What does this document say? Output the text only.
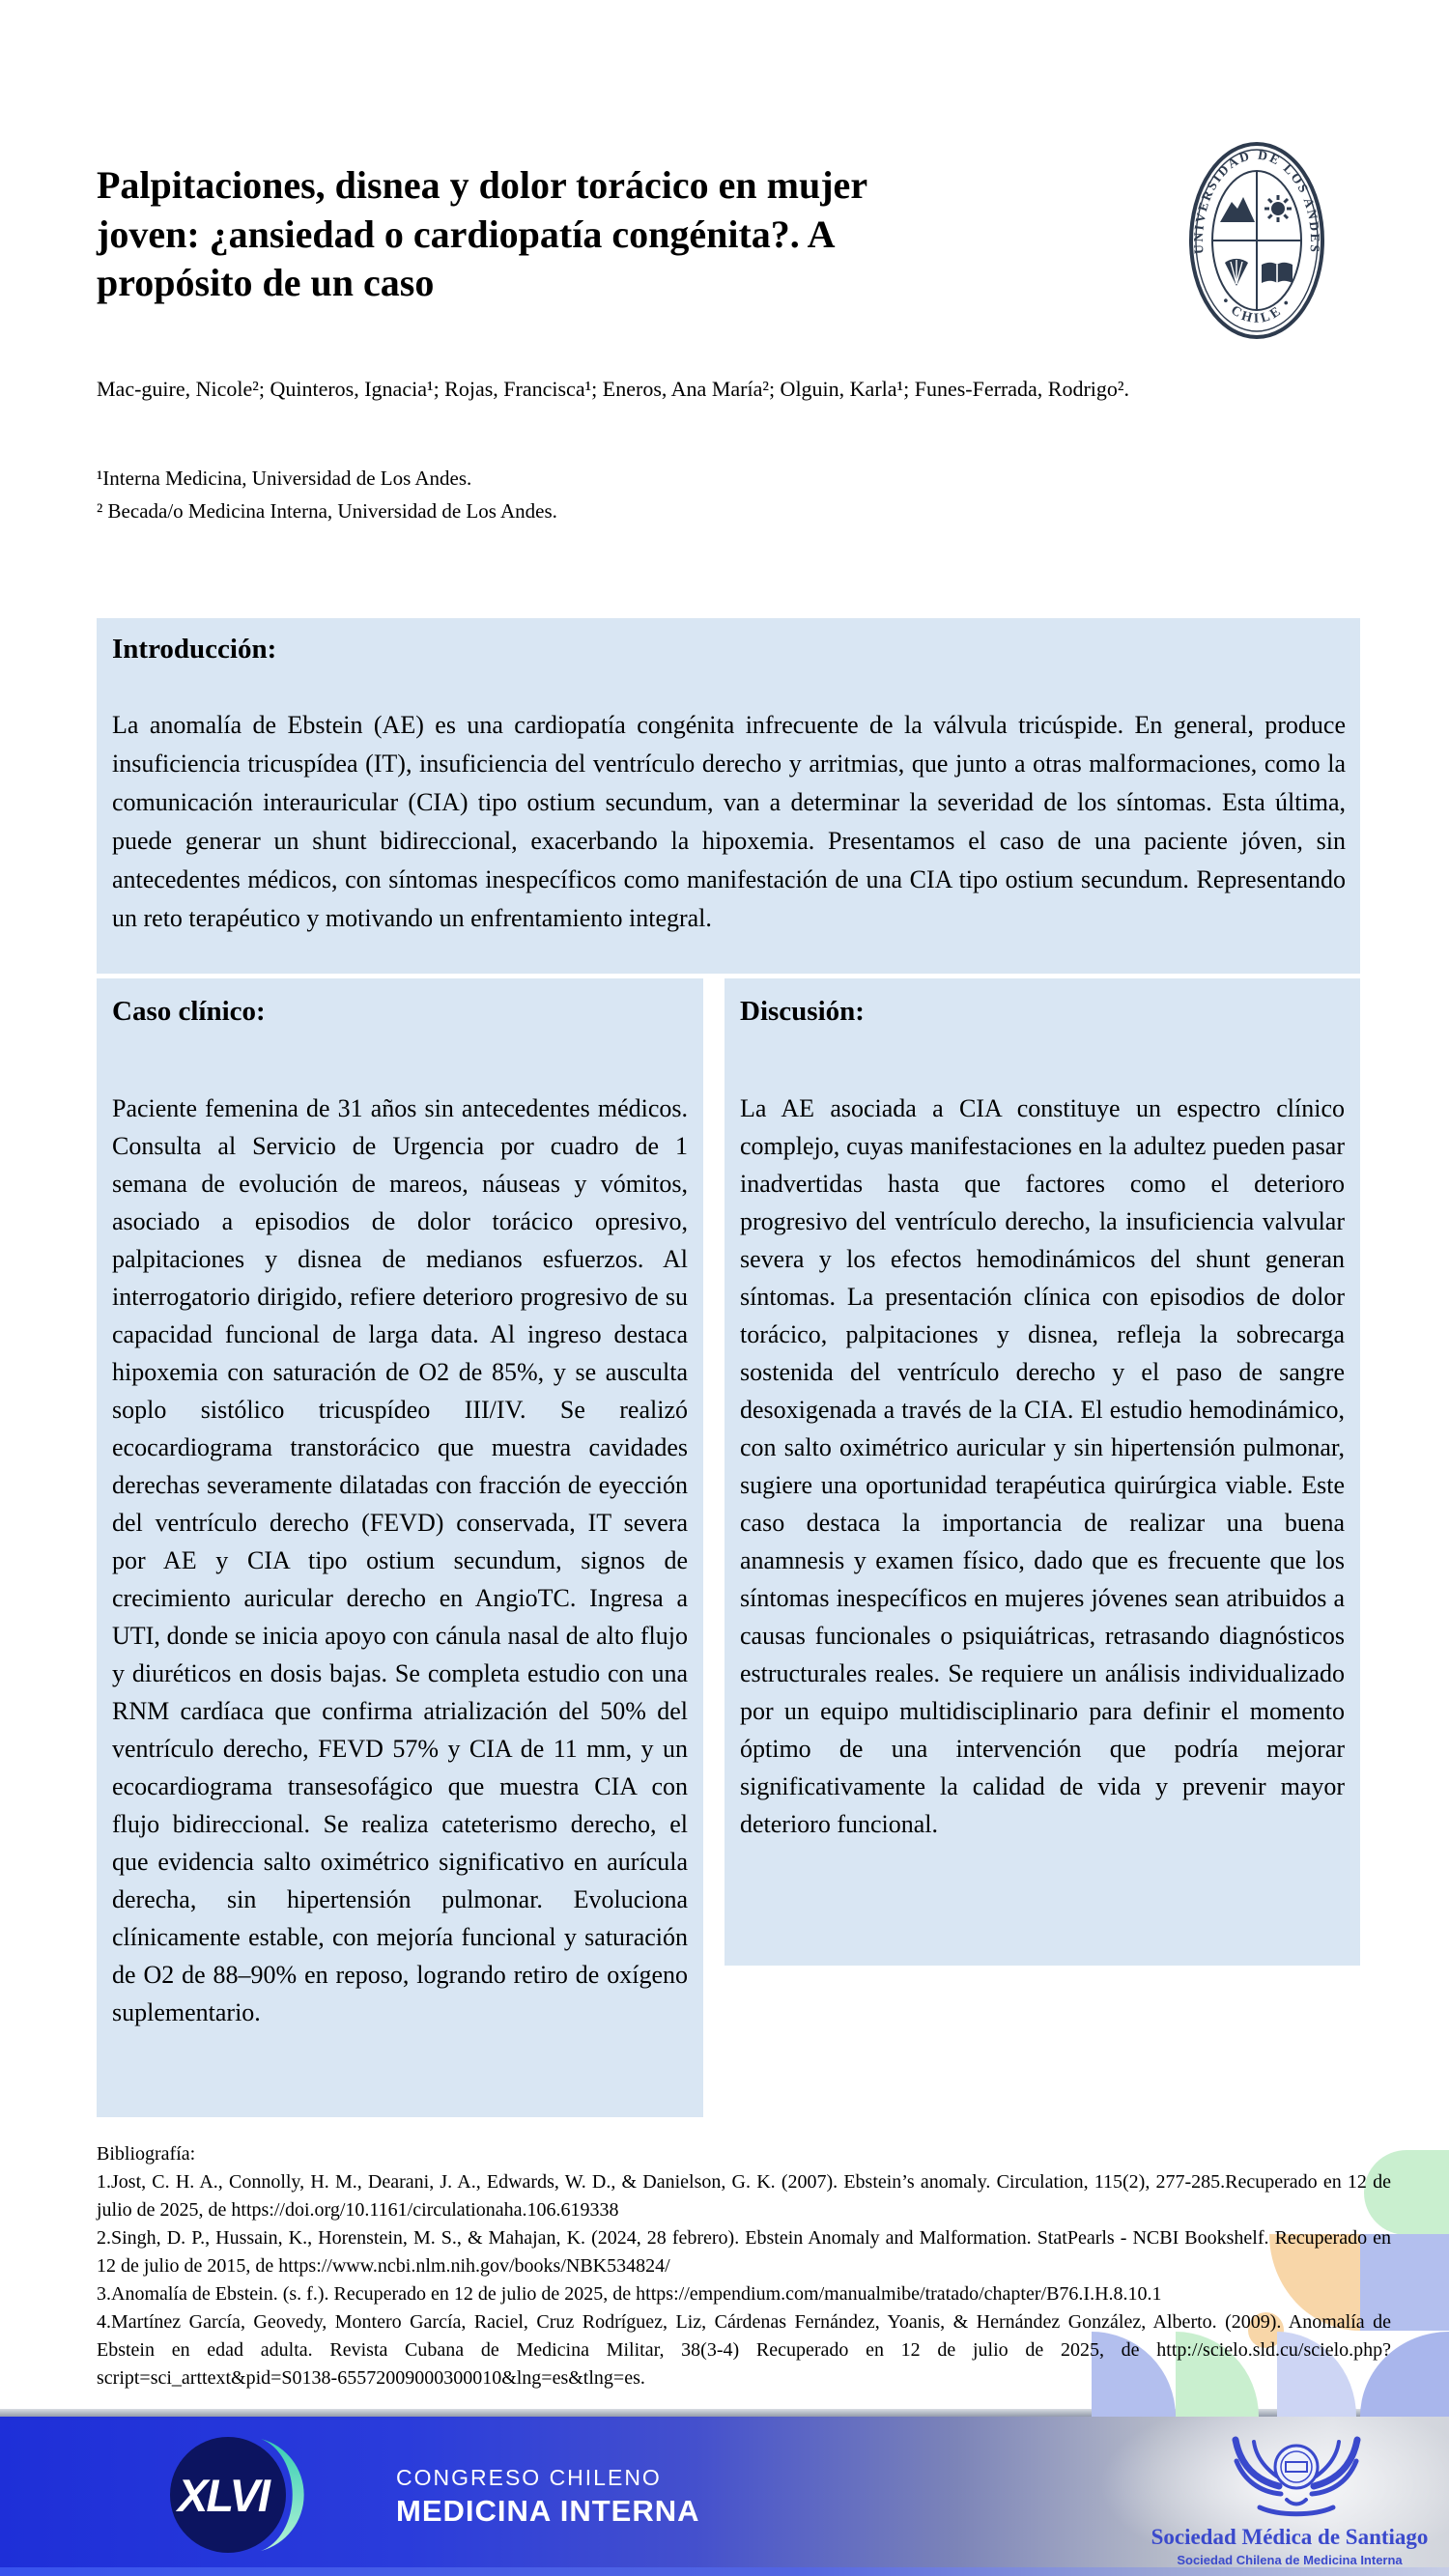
Palpitaciones, disnea y dolor torácico en mujer joven: ¿ansiedad o cardiopatía congénita?. A propósito de un caso
UNIVERSIDAD DE LOS ANDES
• CHILE •
Mac-guire, Nicole²; Quinteros, Ignacia¹; Rojas, Francisca¹; Eneros, Ana María²; Olguin, Karla¹; Funes-Ferrada, Rodrigo².
¹Interna Medicina, Universidad de Los Andes.
² Becada/o Medicina Interna, Universidad de Los Andes.
Introducción:

La anomalía de Ebstein (AE) es una cardiopatía congénita infrecuente de la válvula tricúspide. En general, produce insuficiencia tricuspídea (IT), insuficiencia del ventrículo derecho y arritmias, que junto a otras malformaciones, como la comunicación interauricular (CIA) tipo ostium secundum, van a determinar la severidad de los síntomas. Esta última, puede generar un shunt bidireccional, exacerbando la hipoxemia. Presentamos el caso de una paciente jóven, sin antecedentes médicos, con síntomas inespecíficos como manifestación de una CIA tipo ostium secundum. Representando un reto terapéutico y motivando un enfrentamiento integral.

Caso clínico:

Paciente femenina de 31 años sin antecedentes médicos. Consulta al Servicio de Urgencia por cuadro de 1 semana de evolución de mareos, náuseas y vómitos, asociado a episodios de dolor torácico opresivo, palpitaciones y disnea de medianos esfuerzos. Al interrogatorio dirigido, refiere deterioro progresivo de su capacidad funcional de larga data. Al ingreso destaca hipoxemia con saturación de O2 de 85%, y se ausculta soplo sistólico tricuspídeo III/IV. Se realizó ecocardiograma transtorácico que muestra cavidades derechas severamente dilatadas con fracción de eyección del ventrículo derecho (FEVD) conservada, IT severa por AE y CIA tipo ostium secundum, signos de crecimiento auricular derecho en AngioTC. Ingresa a UTI, donde se inicia apoyo con cánula nasal de alto flujo y diuréticos en dosis bajas. Se completa estudio con una RNM cardíaca que confirma atrialización del 50% del ventrículo derecho, FEVD 57% y CIA de 11 mm, y un ecocardiograma transesofágico que muestra CIA con flujo bidireccional. Se realiza cateterismo derecho, el que evidencia salto oximétrico significativo en aurícula derecha, sin hipertensión pulmonar. Evoluciona clínicamente estable, con mejoría funcional y saturación de O2 de 88–90% en reposo, logrando retiro de oxígeno suplementario.

Discusión:

La AE asociada a CIA constituye un espectro clínico complejo, cuyas manifestaciones en la adultez pueden pasar inadvertidas hasta que factores como el deterioro progresivo del ventrículo derecho, la insuficiencia valvular severa y los efectos hemodinámicos del shunt generan síntomas. La presentación clínica con episodios de dolor torácico, palpitaciones y disnea, refleja la sobrecarga sostenida del ventrículo derecho y el paso de sangre desoxigenada a través de la CIA. El estudio hemodinámico, con salto oximétrico auricular y sin hipertensión pulmonar, sugiere una oportunidad terapéutica quirúrgica viable. Este caso destaca la importancia de realizar una buena anamnesis y examen físico, dado que es frecuente que los síntomas inespecíficos en mujeres jóvenes sean atribuidos a causas funcionales o psiquiátricas, retrasando diagnósticos estructurales reales. Se requiere un análisis individualizado por un equipo multidisciplinario para definir el momento óptimo de una intervención que podría mejorar significativamente la calidad de vida y prevenir mayor deterioro funcional.

Bibliografía:
1.Jost, C. H. A., Connolly, H. M., Dearani, J. A., Edwards, W. D., & Danielson, G. K. (2007). Ebstein’s anomaly. Circulation, 115(2), 277-285.Recuperado en 12 de julio de 2025, de https://doi.org/10.1161/circulationaha.106.619338
2.Singh, D. P., Hussain, K., Horenstein, M. S., & Mahajan, K. (2024, 28 febrero). Ebstein Anomaly and Malformation. StatPearls - NCBI Bookshelf. Recuperado en 12 de julio de 2015, de https://www.ncbi.nlm.nih.gov/books/NBK534824/
3.Anomalía de Ebstein. (s. f.). Recuperado en 12 de julio de 2025, de https://empendium.com/manualmibe/tratado/chapter/B76.I.H.8.10.1
4.Martínez García, Geovedy, Montero García, Raciel, Cruz Rodríguez, Liz, Cárdenas Fernández, Yoanis, & Hernández González, Alberto. (2009). Anomalía de Ebstein en edad adulta. Revista Cubana de Medicina Militar, 38(3-4) Recuperado en 12 de julio de 2025, de http://scielo.sld.cu/scielo.php?script=sci_arttext&pid=S0138-65572009000300010&lng=es&tlng=es.
XLVI	CONGRESO CHILENO
MEDICINA INTERNA
Sociedad Médica de Santiago
Sociedad Chilena de Medicina Interna
